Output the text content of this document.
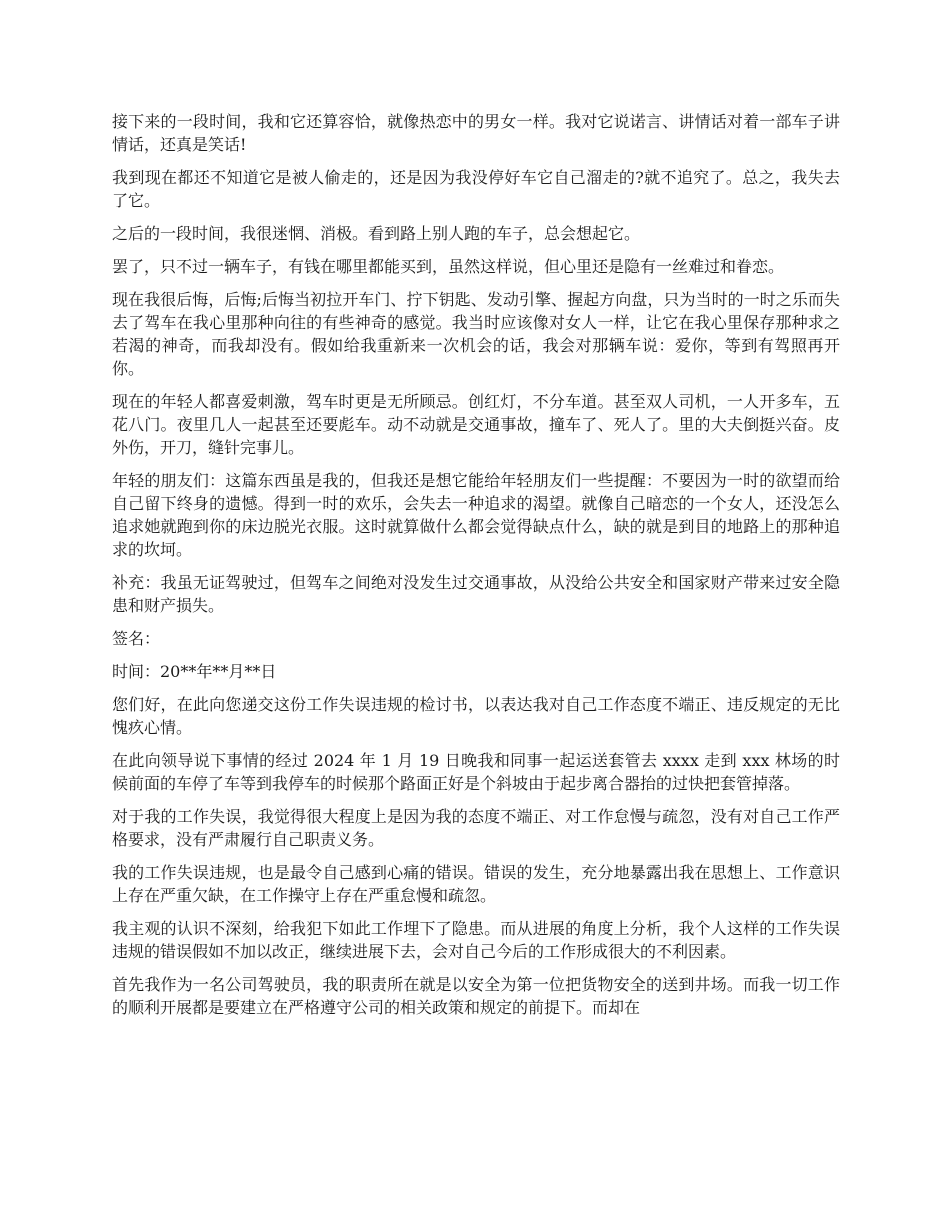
接下来的一段时间，我和它还算容恰，就像热恋中的男女一样。我对它说诺言、讲情话对着一部车子讲情话，还真是笑话!

我到现在都还不知道它是被人偷走的，还是因为我没停好车它自己溜走的?就不追究了。总之，我失去了它。

之后的一段时间，我很迷惘、消极。看到路上别人跑的车子，总会想起它。

罢了，只不过一辆车子，有钱在哪里都能买到，虽然这样说，但心里还是隐有一丝难过和眷恋。

现在我很后悔，后悔;后悔当初拉开车门、拧下钥匙、发动引擎、握起方向盘，只为当时的一时之乐而失去了驾车在我心里那种向往的有些神奇的感觉。我当时应该像对女人一样，让它在我心里保存那种求之若渴的神奇，而我却没有。假如给我重新来一次机会的话，我会对那辆车说：爱你，等到有驾照再开你。

现在的年轻人都喜爱刺激，驾车时更是无所顾忌。创红灯，不分车道。甚至双人司机，一人开多车，五花八门。夜里几人一起甚至还要彪车。动不动就是交通事故，撞车了、死人了。里的大夫倒挺兴奋。皮外伤，开刀，缝针完事儿。

年轻的朋友们：这篇东西虽是我的，但我还是想它能给年轻朋友们一些提醒：不要因为一时的欲望而给自己留下终身的遗憾。得到一时的欢乐，会失去一种追求的渴望。就像自己暗恋的一个女人，还没怎么追求她就跑到你的床边脱光衣服。这时就算做什么都会觉得缺点什么，缺的就是到目的地路上的那种追求的坎坷。

补充：我虽无证驾驶过，但驾车之间绝对没发生过交通事故，从没给公共安全和国家财产带来过安全隐患和财产损失。

签名：

时间：20**年**月**日

您们好，在此向您递交这份工作失误违规的检讨书，以表达我对自己工作态度不端正、违反规定的无比愧疚心情。

在此向领导说下事情的经过 2024 年 1 月 19 日晚我和同事一起运送套管去 xxxx 走到 xxx 林场的时候前面的车停了车等到我停车的时候那个路面正好是个斜坡由于起步离合器抬的过快把套管掉落。

对于我的工作失误，我觉得很大程度上是因为我的态度不端正、对工作怠慢与疏忽，没有对自己工作严格要求，没有严肃履行自己职责义务。

我的工作失误违规，也是最令自己感到心痛的错误。错误的发生，充分地暴露出我在思想上、工作意识上存在严重欠缺，在工作操守上存在严重怠慢和疏忽。

我主观的认识不深刻，给我犯下如此工作埋下了隐患。而从进展的角度上分析，我个人这样的工作失误违规的错误假如不加以改正，继续进展下去，会对自己今后的工作形成很大的不利因素。

首先我作为一名公司驾驶员，我的职责所在就是以安全为第一位把货物安全的送到井场。而我一切工作的顺利开展都是要建立在严格遵守公司的相关政策和规定的前提下。而却在
